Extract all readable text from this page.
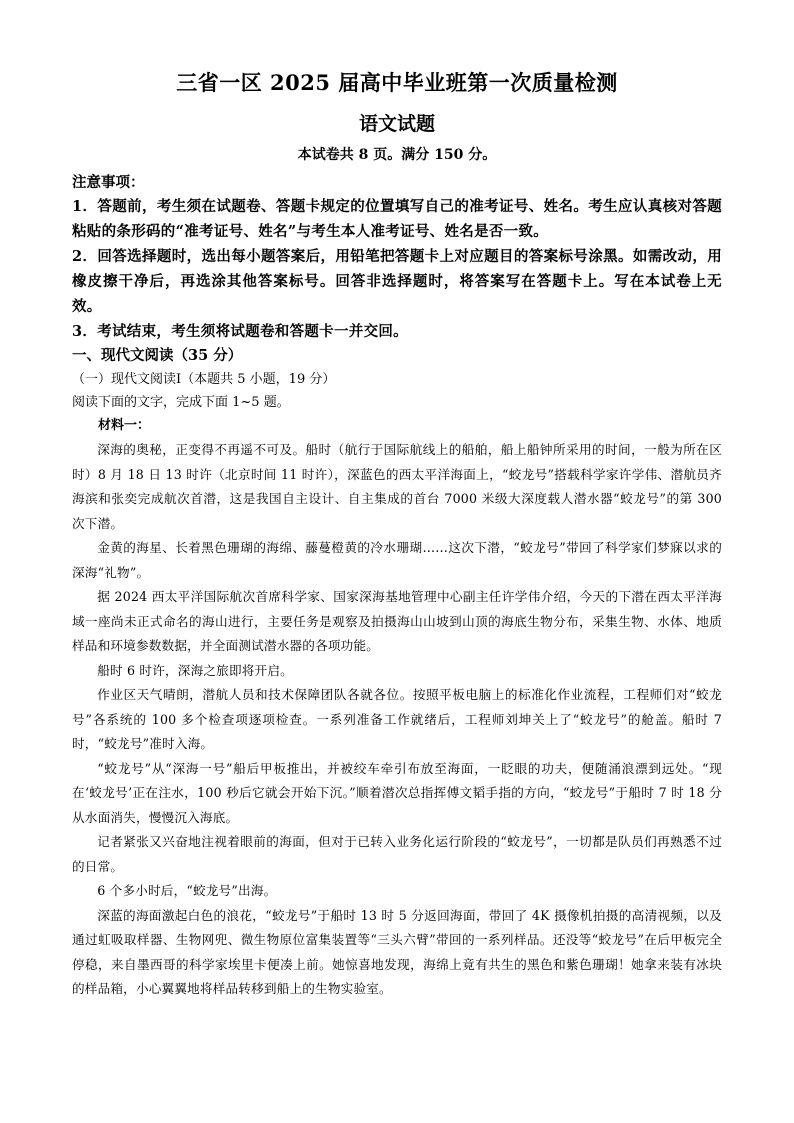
三省一区 2025 届高中毕业班第一次质量检测
语文试题
本试卷共 8 页。满分 150 分。
注意事项：
1．答题前，考生须在试题卷、答题卡规定的位置填写自己的准考证号、姓名。考生应认真核对答题粘贴的条形码的“准考证号、姓名”与考生本人准考证号、姓名是否一致。
2．回答选择题时，选出每小题答案后，用铅笔把答题卡上对应题目的答案标号涂黑。如需改动，用橡皮擦干净后，再选涂其他答案标号。回答非选择题时，将答案写在答题卡上。写在本试卷上无效。
3．考试结束，考生须将试题卷和答题卡一并交回。
一、现代文阅读（35 分）
（一）现代文阅读Ⅰ（本题共 5 小题，19 分）
阅读下面的文字，完成下面 1~5 题。
材料一：

深海的奥秘，正变得不再遥不可及。船时（航行于国际航线上的船舶，船上船钟所采用的时间，一般为所在区时）8 月 18 日 13 时许（北京时间 11 时许），深蓝色的西太平洋海面上，“蛟龙号”搭载科学家许学伟、潜航员齐海滨和张奕完成航次首潜，这是我国自主设计、自主集成的首台 7000 米级大深度载人潜水器“蛟龙号”的第 300 次下潜。

金黄的海星、长着黑色珊瑚的海绵、藤蔓橙黄的冷水珊瑚……这次下潜，“蛟龙号”带回了科学家们梦寐以求的深海“礼物”。

据 2024 西太平洋国际航次首席科学家、国家深海基地管理中心副主任许学伟介绍，今天的下潜在西太平洋海域一座尚未正式命名的海山进行，主要任务是观察及拍摄海山山坡到山顶的海底生物分布，采集生物、水体、地质样品和环境参数数据，并全面测试潜水器的各项功能。

船时 6 时许，深海之旅即将开启。

作业区天气晴朗，潜航人员和技术保障团队各就各位。按照平板电脑上的标准化作业流程，工程师们对“蛟龙号”各系统的 100 多个检查项逐项检查。一系列准备工作就绪后，工程师刘坤关上了“蛟龙号”的舱盖。船时 7 时，“蛟龙号”准时入海。

“蛟龙号”从“深海一号”船后甲板推出，并被绞车牵引布放至海面，一眨眼的功夫，便随涌浪漂到远处。“现在‘蛟龙号’正在注水，100 秒后它就会开始下沉。”顺着潜次总指挥傅文韬手指的方向，“蛟龙号”于船时 7 时 18 分从水面消失，慢慢沉入海底。

记者紧张又兴奋地注视着眼前的海面，但对于已转入业务化运行阶段的“蛟龙号”，一切都是队员们再熟悉不过的日常。

6 个多小时后，“蛟龙号”出海。

深蓝的海面激起白色的浪花，“蛟龙号”于船时 13 时 5 分返回海面，带回了 4K 摄像机拍摄的高清视频，以及通过虹吸取样器、生物网兜、微生物原位富集装置等“三头六臂”带回的一系列样品。还没等“蛟龙号”在后甲板完全停稳，来自墨西哥的科学家埃里卡便凑上前。她惊喜地发现，海绵上竟有共生的黑色和紫色珊瑚！她拿来装有冰块的样品箱，小心翼翼地将样品转移到船上的生物实验室。
